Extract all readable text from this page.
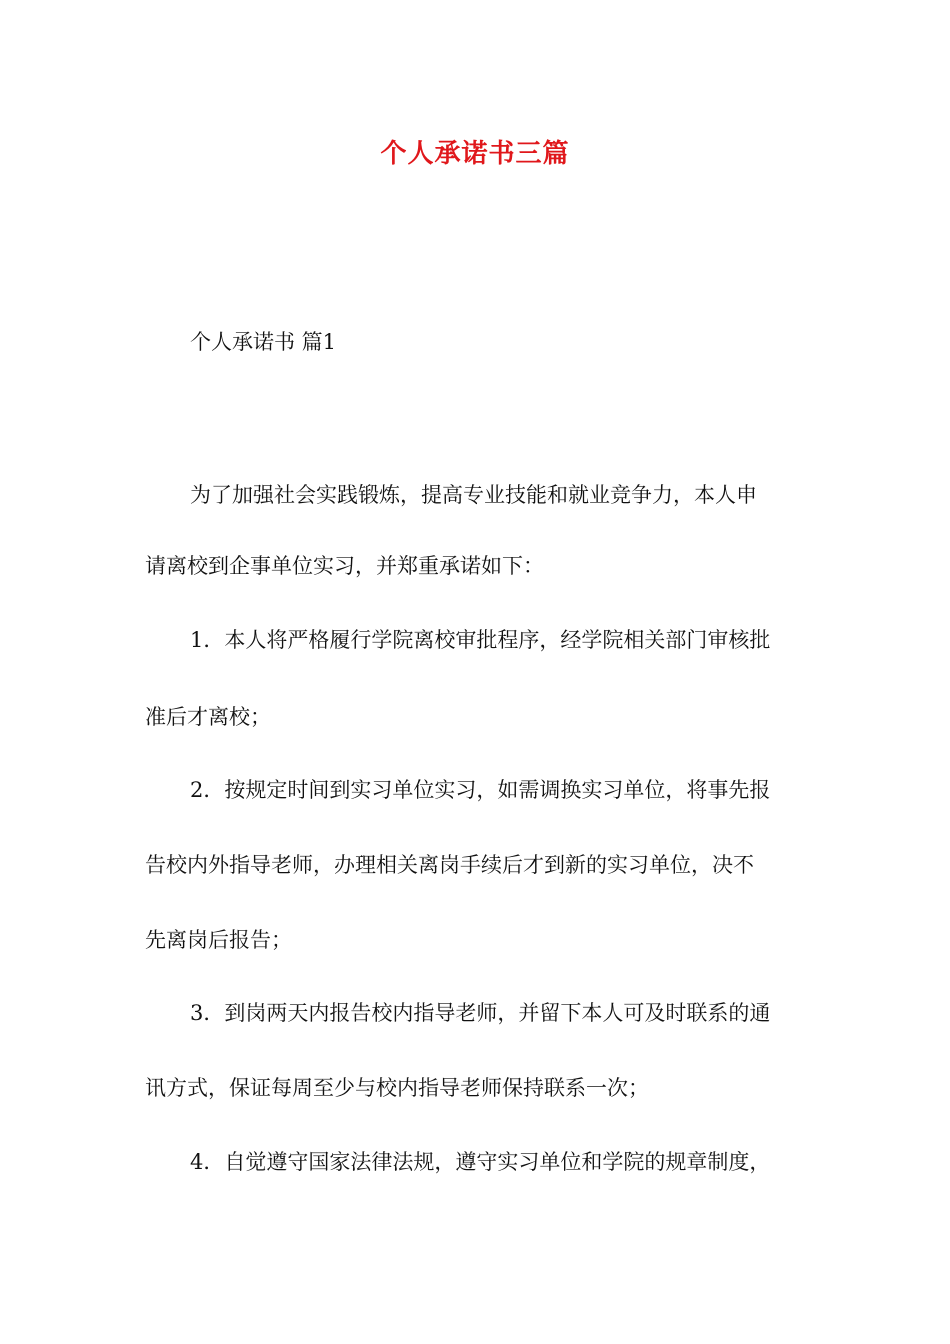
个人承诺书三篇
个人承诺书 篇1
为了加强社会实践锻炼，提高专业技能和就业竞争力，本人申
请离校到企事单位实习，并郑重承诺如下：
1．本人将严格履行学院离校审批程序，经学院相关部门审核批
准后才离校；
2．按规定时间到实习单位实习，如需调换实习单位，将事先报
告校内外指导老师，办理相关离岗手续后才到新的实习单位，决不
先离岗后报告；
3．到岗两天内报告校内指导老师，并留下本人可及时联系的通
讯方式，保证每周至少与校内指导老师保持联系一次；
4．自觉遵守国家法律法规，遵守实习单位和学院的规章制度，
